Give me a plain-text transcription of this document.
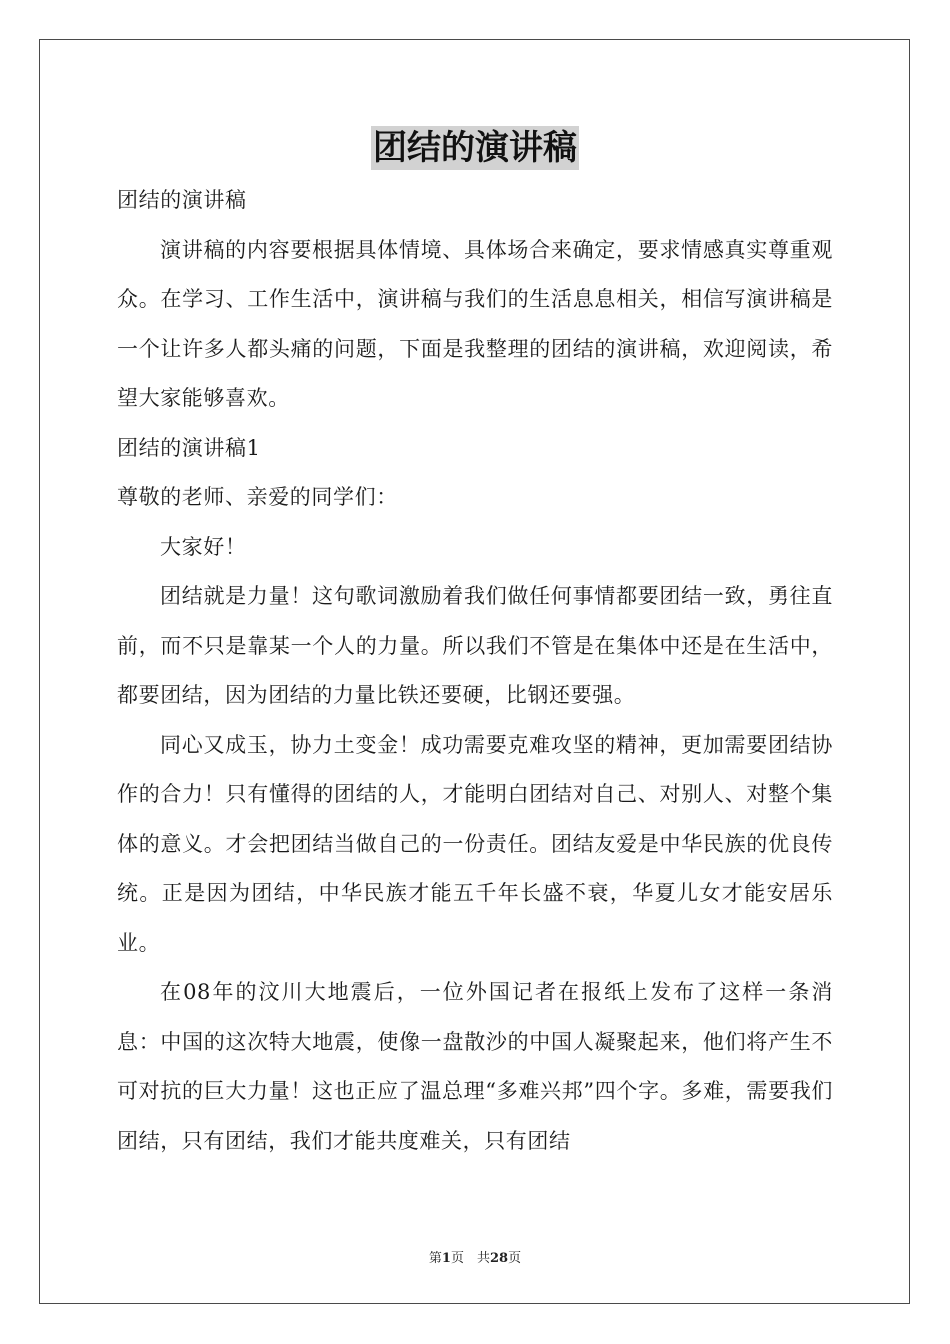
团结的演讲稿

团结的演讲稿

演讲稿的内容要根据具体情境、具体场合来确定，要求情感真实尊重观众。在学习、工作生活中，演讲稿与我们的生活息息相关，相信写演讲稿是一个让许多人都头痛的问题，下面是我整理的团结的演讲稿，欢迎阅读，希望大家能够喜欢。

团结的演讲稿1

尊敬的老师、亲爱的同学们：

大家好！

团结就是力量！这句歌词激励着我们做任何事情都要团结一致，勇往直前，而不只是靠某一个人的力量。所以我们不管是在集体中还是在生活中，都要团结，因为团结的力量比铁还要硬，比钢还要强。

同心又成玉，协力土变金！成功需要克难攻坚的精神，更加需要团结协作的合力！只有懂得的团结的人，才能明白团结对自己、对别人、对整个集体的意义。才会把团结当做自己的一份责任。团结友爱是中华民族的优良传统。正是因为团结，中华民族才能五千年长盛不衰，华夏儿女才能安居乐业。

在08年的汶川大地震后，一位外国记者在报纸上发布了这样一条消息：中国的这次特大地震，使像一盘散沙的中国人凝聚起来，他们将产生不可对抗的巨大力量！这也正应了温总理“多难兴邦”四个字。多难，需要我们团结，只有团结，我们才能共度难关，只有团结

第1页　共28页
